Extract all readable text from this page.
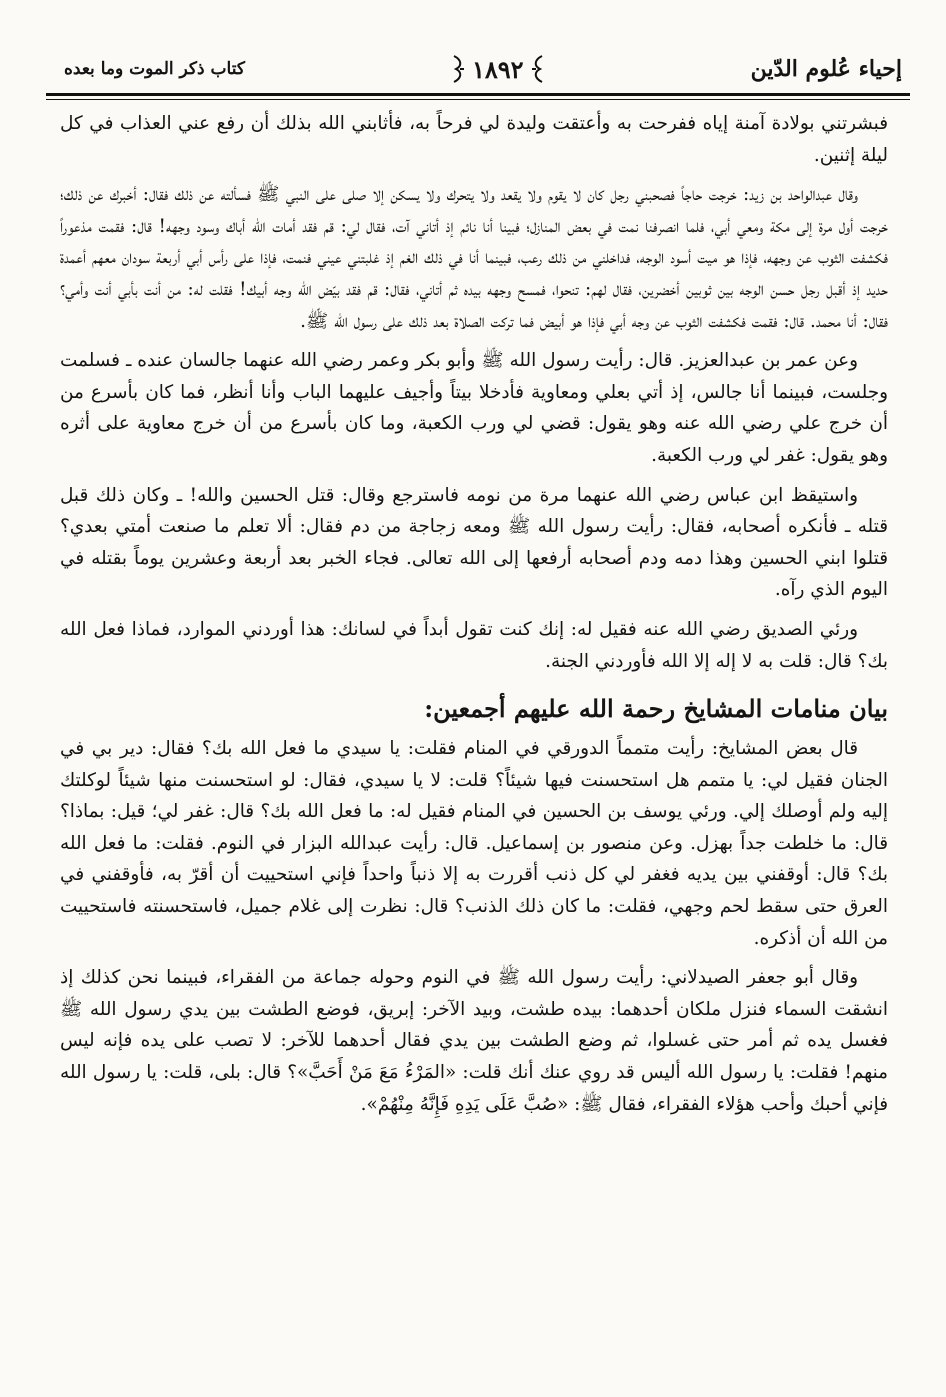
إحياء عُلوم الدّين
١٨٩٢
كتاب ذكر الموت وما بعده

فبشرتني بولادة آمنة إياه ففرحت به وأعتقت وليدة لي فرحاً به، فأثابني الله بذلك أن رفع عني العذاب في كل ليلة إثنين.

وقال عبدالواحد بن زيد: خرجت حاجاً فصحبني رجل كان لا يقوم ولا يقعد ولا يتحرك ولا يسكن إلا صلى على النبي ﷺ فسألته عن ذلك فقال: أخبرك عن ذلك؛ خرجت أول مرة إلى مكة ومعي أبي، فلما انصرفنا نمت في بعض المنازل؛ فبينا أنا نائم إذ أتاني آت، فقال لي: قم فقد أمات الله أباك وسود وجهه! قال: فقمت مذعوراً فكشفت الثوب عن وجهه، فإذا هو ميت أسود الوجه، فداخلني من ذلك رعب، فبينما أنا في ذلك الغم إذ غلبتني عيني فنمت، فإذا على رأس أبي أربعة سودان معهم أعمدة حديد إذ أقبل رجل حسن الوجه بين ثوبين أخضرين، فقال لهم: تنحوا، فمسح وجهه بيده ثم أتاني، فقال: قم فقد بيّض الله وجه أبيك! فقلت له: من أنت بأبي أنت وأمي؟ فقال: أنا محمد. قال: فقمت فكشفت الثوب عن وجه أبي فإذا هو أبيض فما تركت الصلاة بعد ذلك على رسول الله ﷺ.

وعن عمر بن عبدالعزيز. قال: رأيت رسول الله ﷺ وأبو بكر وعمر رضي الله عنهما جالسان عنده ـ فسلمت وجلست، فبينما أنا جالس، إذ أتي بعلي ومعاوية فأدخلا بيتاً وأجيف عليهما الباب وأنا أنظر، فما كان بأسرع من أن خرج علي رضي الله عنه وهو يقول: قضي لي ورب الكعبة، وما كان بأسرع من أن خرج معاوية على أثره وهو يقول: غفر لي ورب الكعبة.

واستيقظ ابن عباس رضي الله عنهما مرة من نومه فاسترجع وقال: قتل الحسين والله! ـ وكان ذلك قبل قتله ـ فأنكره أصحابه، فقال: رأيت رسول الله ﷺ ومعه زجاجة من دم فقال: ألا تعلم ما صنعت أمتي بعدي؟ قتلوا ابني الحسين وهذا دمه ودم أصحابه أرفعها إلى الله تعالى. فجاء الخبر بعد أربعة وعشرين يوماً بقتله في اليوم الذي رآه.

ورئي الصديق رضي الله عنه فقيل له: إنك كنت تقول أبداً في لسانك: هذا أوردني الموارد، فماذا فعل الله بك؟ قال: قلت به لا إله إلا الله فأوردني الجنة.

بيان منامات المشايخ رحمة الله عليهم أجمعين:

قال بعض المشايخ: رأيت متمماً الدورقي في المنام فقلت: يا سيدي ما فعل الله بك؟ فقال: دير بي في الجنان فقيل لي: يا متمم هل استحسنت فيها شيئاً؟ قلت: لا يا سيدي، فقال: لو استحسنت منها شيئاً لوكلتك إليه ولم أوصلك إلي. ورئي يوسف بن الحسين في المنام فقيل له: ما فعل الله بك؟ قال: غفر لي؛ قيل: بماذا؟ قال: ما خلطت جداً بهزل. وعن منصور بن إسماعيل. قال: رأيت عبدالله البزار في النوم. فقلت: ما فعل الله بك؟ قال: أوقفني بين يديه فغفر لي كل ذنب أقررت به إلا ذنباً واحداً فإني استحييت أن أقرّ به، فأوقفني في العرق حتى سقط لحم وجهي، فقلت: ما كان ذلك الذنب؟ قال: نظرت إلى غلام جميل، فاستحسنته فاستحييت من الله أن أذكره.

وقال أبو جعفر الصيدلاني: رأيت رسول الله ﷺ في النوم وحوله جماعة من الفقراء، فبينما نحن كذلك إذ انشقت السماء فنزل ملكان أحدهما: بيده طشت، وبيد الآخر: إبريق، فوضع الطشت بين يدي رسول الله ﷺ فغسل يده ثم أمر حتى غسلوا، ثم وضع الطشت بين يدي فقال أحدهما للآخر: لا تصب على يده فإنه ليس منهم! فقلت: يا رسول الله أليس قد روي عنك أنك قلت: «المَرْءُ مَعَ مَنْ أَحَبَّ»؟ قال: بلى، قلت: يا رسول الله فإني أحبك وأحب هؤلاء الفقراء، فقال ﷺ: «صُبَّ عَلَى يَدِهِ فَإِنَّهُ مِنْهُمْ».
